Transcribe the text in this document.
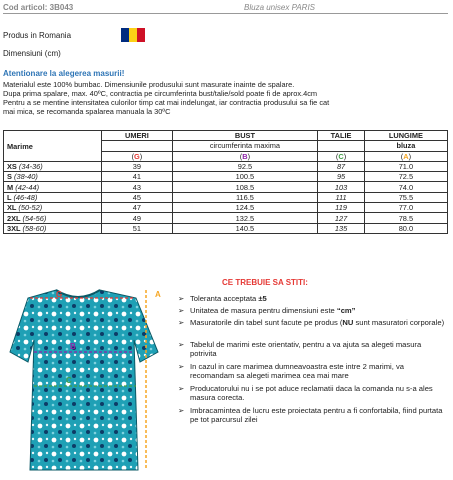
Cod articol: 3B043	Bluza unisex PARIS
Produs in Romania
Dimensiuni (cm)
Atentionare la alegerea masurii!
Materialul este 100% bumbac. Dimensiunile produsului sunt masurate inainte de spalare.
Dupa prima spalare, max. 40ºC, contractia pe circumferinta bust/talie/sold poate fi de aprox.4cm
Pentru a se mentine intensitatea culorilor timp cat mai indelungat, iar contractia produsului sa fie cat
mai mica, se recomanda spalarea manuala la 30ºC
Marime	UMERI	BUST	TALIE	LUNGIME
		circumferinta maxima		bluza
	(G)	(B)	(C)	(A)
XS (34-36)	39	92.5	87	71.0
S (38-40)	41	100.5	95	72.5
M (42-44)	43	108.5	103	74.0
L (46-48)	45	116.5	111	75.5
XL (50-52)	47	124.5	119	77.0
2XL (54-56)	49	132.5	127	78.5
3XL (58-60)	51	140.5	135	80.0
G
B
C
A
CE TREBUIE SA STITI:
➢ Toleranta acceptata ±5
➢ Unitatea de masura pentru dimensiuni este “cm”
➢ Masuratorile din tabel sunt facute pe produs (NU sunt masuratori corporale)
➢ Tabelul de marimi este orientativ, pentru a va ajuta sa alegeti masura potrivita
➢ In cazul in care marimea dumneavoastra este intre 2 marimi, va recomandam sa alegeti marimea cea mai mare
➢ Producatorului nu i se pot aduce reclamatii daca la comanda nu s-a ales masura corecta.
➢ Imbracamintea de lucru este proiectata pentru a fi confortabila, fiind purtata pe tot parcursul zilei
